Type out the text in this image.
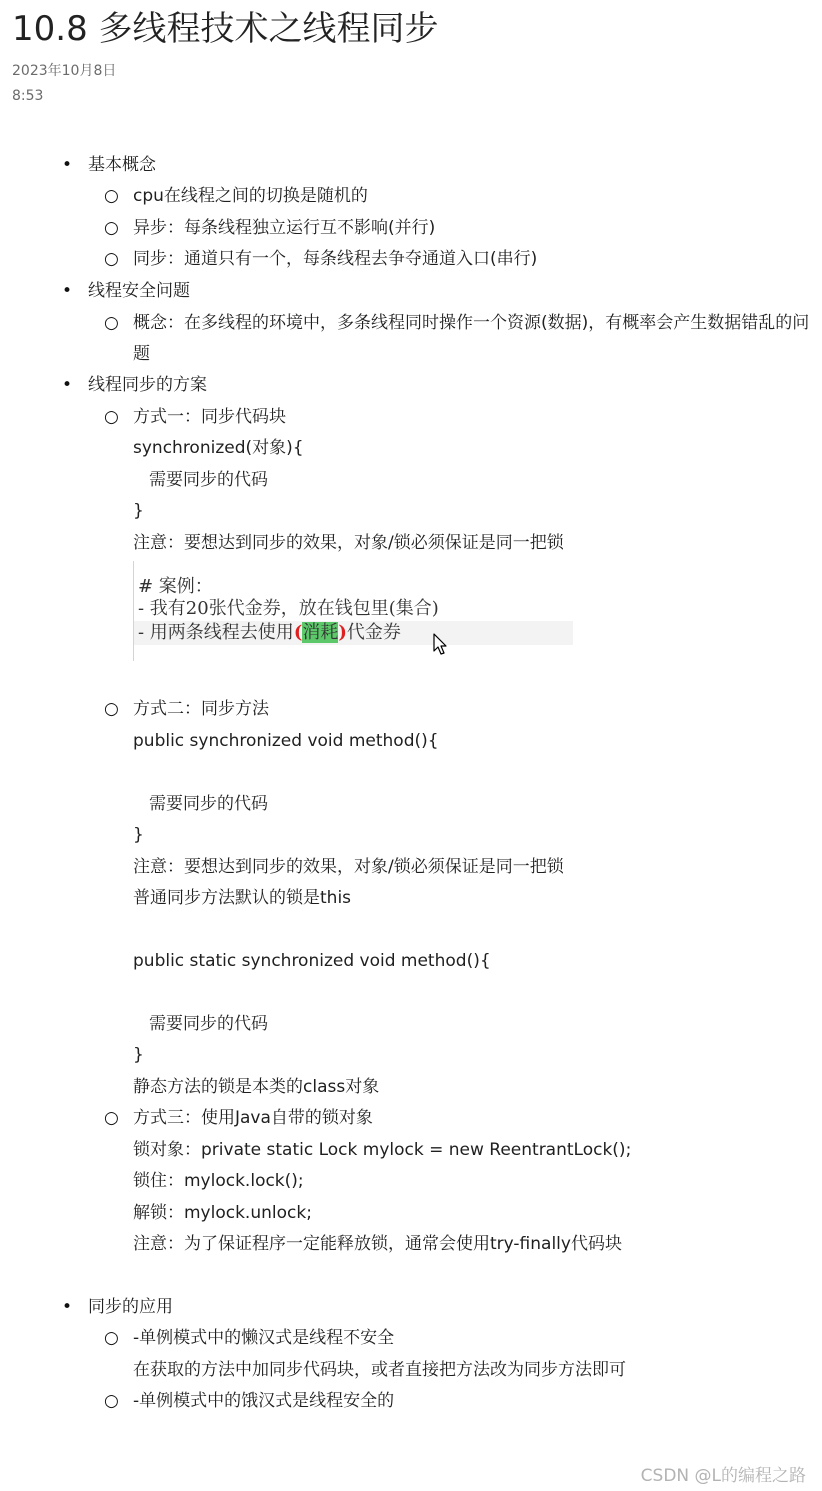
10.8 多线程技术之线程同步
2023年10月8日
8:53
• 基本概念
○ cpu在线程之间的切换是随机的
○ 异步：每条线程独立运行互不影响(并行)
○ 同步：通道只有一个，每条线程去争夺通道入口(串行)
• 线程安全问题
○ 概念：在多线程的环境中，多条线程同时操作一个资源(数据)，有概率会产生数据错乱的问题
• 线程同步的方案
○ 方式一：同步代码块
synchronized(对象){
需要同步的代码
}
注意：要想达到同步的效果，对象/锁必须保证是同一把锁
# 案例：
- 我有20张代金券，放在钱包里(集合)
- 用两条线程去使用(消耗)代金券
○ 方式二：同步方法
public synchronized void method(){
需要同步的代码
}
注意：要想达到同步的效果，对象/锁必须保证是同一把锁
普通同步方法默认的锁是this
public static synchronized void method(){
需要同步的代码
}
静态方法的锁是本类的class对象
○ 方式三：使用Java自带的锁对象
锁对象：private static Lock mylock = new ReentrantLock();
锁住：mylock.lock();
解锁：mylock.unlock;
注意：为了保证程序一定能释放锁，通常会使用try-finally代码块
• 同步的应用
○ -单例模式中的懒汉式是线程不安全
在获取的方法中加同步代码块，或者直接把方法改为同步方法即可
○ -单例模式中的饿汉式是线程安全的
CSDN @L的编程之路
